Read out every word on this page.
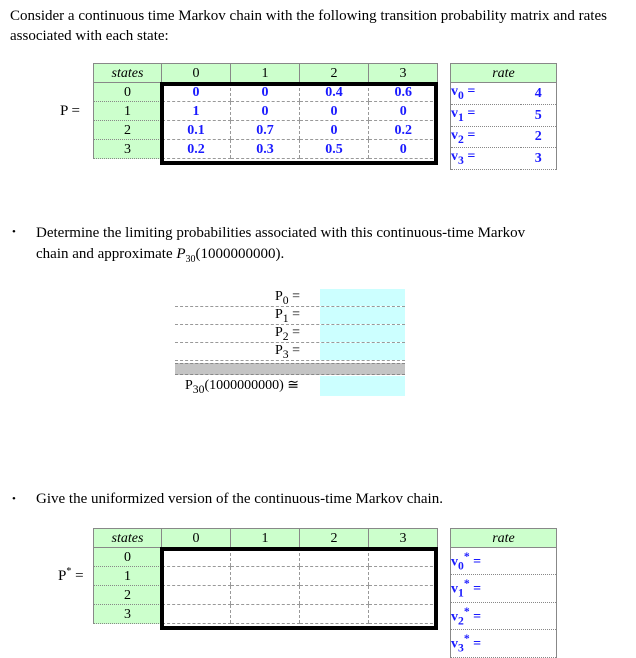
Consider a continuous time Markov chain with the following transition probability matrix and rates associated with each state:
P =
states	0	1	2	3
0	0	0	0.4	0.6
1	1	0	0	0
2	0.1	0.7	0	0.2
3	0.2	0.3	0.5	0
rate	
$v_0$ =	4
$v_1$ =	5
$v_2$ =	2
$v_3$ =	3
• Determine the limiting probabilities associated with this continuous-time Markov
chain and approximate $P_{30}(1000000000)$.
$P_0$ =
$P_1$ =
$P_2$ =
$P_3$ =
$P_{30}(1000000000)$ ≅
• Give the uniformized version of the continuous-time Markov chain.
P* =
states	0	1	2	3
0				
1				
2				
3				
rate
$v_0^*$ =
$v_1^*$ =
$v_2^*$ =
$v_3^*$ =
